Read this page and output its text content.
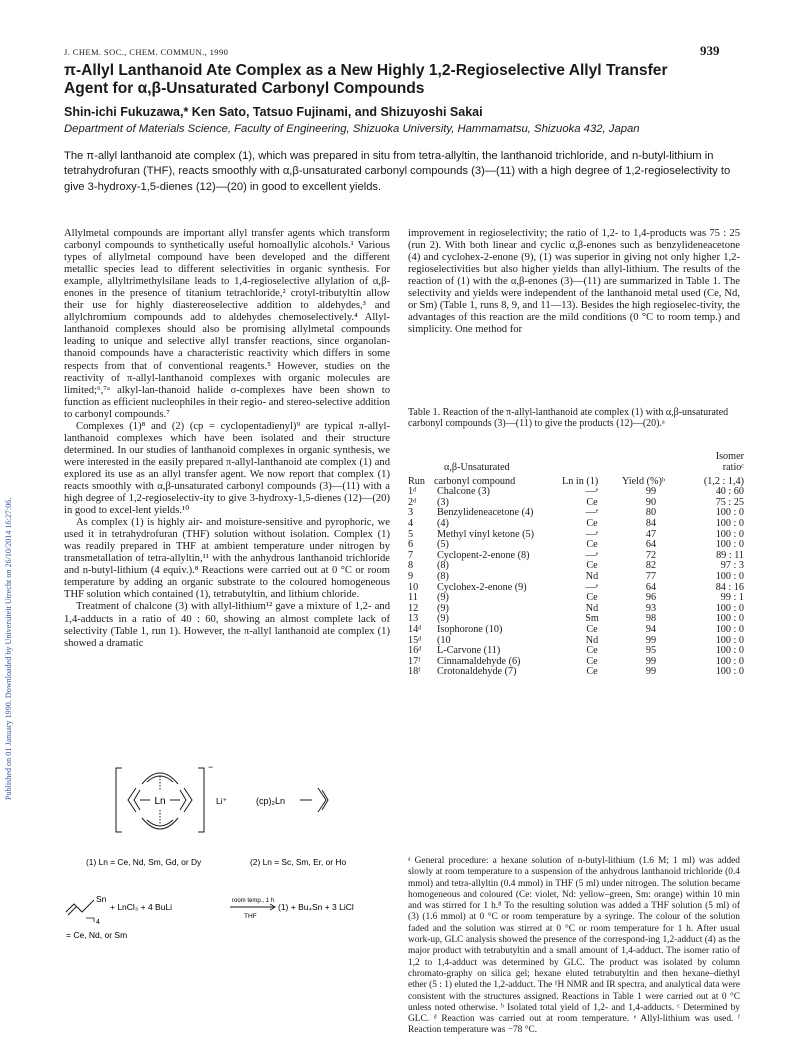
Published on 01 January 1990. Downloaded by Universiteit Utrecht on 26/10/2014 16:27:06.
J. CHEM. SOC., CHEM. COMMUN., 1990	939
π-Allyl Lanthanoid Ate Complex as a New Highly 1,2-Regioselective Allyl Transfer
Agent for α,β-Unsaturated Carbonyl Compounds
Shin-ichi Fukuzawa,* Ken Sato, Tatsuo Fujinami, and Shizuyoshi Sakai
Department of Materials Science, Faculty of Engineering, Shizuoka University, Hammamatsu, Shizuoka 432, Japan
The π-allyl lanthanoid ate complex (1), which was prepared in situ from tetra-allyltin, the lanthanoid trichloride, and n-butyl-lithium in tetrahydrofuran (THF), reacts smoothly with α,β-unsaturated carbonyl compounds (3)—(11) with a high degree of 1,2-regioselectivity to give 3-hydroxy-1,5-dienes (12)—(20) in good to excellent yields.

Allylmetal compounds are important allyl transfer agents which transform carbonyl compounds to synthetically useful homoallylic alcohols.¹ Various types of allylmetal compound have been developed and the different metallic species lead to different selectivities in organic synthesis. For example, allyltrimethylsilane leads to 1,4-regioselective allylation of α,β-enones in the presence of titanium tetrachloride,² crotyl-tributyltin allow their use for highly diastereoselective addition to aldehydes,³ and allylchromium compounds add to aldehydes chemoselectively.⁴ Allyl-lanthanoid complexes should also be promising allylmetal compounds leading to unique and selective allyl transfer reactions, since organolan-thanoid compounds have a characteristic reactivity which differs in some respects from that of conventional reagents.⁵ However, studies on the reactivity of π-allyl-lanthanoid complexes with organic molecules are limited;⁶,⁷ᵃ alkyl-lan-thanoid halide σ-complexes have been shown to function as efficient nucleophiles in their regio- and stereo-selective addition to carbonyl compounds.⁷

Complexes (1)⁸ and (2) (cp = cyclopentadienyl)⁹ are typical π-allyl-lanthanoid complexes which have been isolated and their structure determined. In our studies of lanthanoid complexes in organic synthesis, we were interested in the easily prepared π-allyl-lanthanoid ate complex (1) and explored its use as an allyl transfer agent. We now report that complex (1) reacts smoothly with α,β-unsaturated carbonyl compounds (3)—(11) with a high degree of 1,2-regioselectiv-ity to give 3-hydroxy-1,5-dienes (12)—(20) in good to excel-lent yields.¹⁰

As complex (1) is highly air- and moisture-sensitive and pyrophoric, we used it in tetrahydrofuran (THF) solution without isolation. Complex (1) was readily prepared in THF at ambient temperature under nitrogen by transmetallation of tetra-allyltin,¹¹ with the anhydrous lanthanoid trichloride and n-butyl-lithium (4 equiv.).⁸ Reactions were carried out at 0 °C or room temperature by adding an organic substrate to the coloured homogeneous THF solution which contained (1), tetrabutyltin, and lithium chloride.

Treatment of chalcone (3) with allyl-lithium¹² gave a mixture of 1,2- and 1,4-adducts in a ratio of 40 : 60, showing an almost complete lack of selectivity (Table 1, run 1). However, the π-allyl lanthanoid ate complex (1) showed a dramatic

improvement in regioselectivity; the ratio of 1,2- to 1,4-products was 75 : 25 (run 2). With both linear and cyclic α,β-enones such as benzylideneacetone (4) and cyclohex-2-enone (9), (1) was superior in giving not only higher 1,2-regioselectivities but also higher yields than allyl-lithium. The results of the reaction of (1) with the α,β-enones (3)—(11) are summarized in Table 1. The selectivity and yields were independent of the lanthanoid metal used (Ce, Nd, or Sm) (Table 1, runs 8, 9, and 11—13). Besides the high regioselec-tivity, the advantages of this reaction are the mild conditions (0 °C to room temp.) and simplicity. One method for

Table 1. Reaction of the π-allyl-lanthanoid ate complex (1) with α,β-unsaturated carbonyl compounds (3)—(11) to give the products (12)—(20).ᵃ
				Isomer
	α,β-Unsaturated			ratioᶜ
Run	carbonyl compound	Ln in (1)	Yield (%)ᵇ	(1,2 : 1,4)
1ᵈ	Chalcone (3)	—ᵉ	99	40 : 60
2ᵈ	(3)	Ce	90	75 : 25
3	Benzylideneacetone (4)	—ᵉ	80	100 : 0
4	(4)	Ce	84	100 : 0
5	Methyl vinyl ketone (5)	—ᵉ	47	100 : 0
6	(5)	Ce	64	100 : 0
7	Cyclopent-2-enone (8)	—ᵉ	72	89 : 11
8	(8)	Ce	82	97 : 3
9	(8)	Nd	77	100 : 0
10	Cyclohex-2-enone (9)	—ᵉ	64	84 : 16
11	(9)	Ce	96	99 : 1
12	(9)	Nd	93	100 : 0
13	(9)	Sm	98	100 : 0
14ᵈ	Isophorone (10)	Ce	94	100 : 0
15ᵈ	(10	Nd	99	100 : 0
16ᵈ	L-Carvone (11)	Ce	95	100 : 0
17ᶠ	Cinnamaldehyde (6)	Ce	99	100 : 0
18ᶠ	Crotonaldehyde (7)	Ce	99	100 : 0

ᵃ General procedure: a hexane solution of n-butyl-lithium (1.6 M; 1 ml) was added slowly at room temperature to a suspension of the anhydrous lanthanoid trichloride (0.4 mmol) and tetra-allyltin (0.4 mmol) in THF (5 ml) under nitrogen. The solution became homogeneous and coloured (Ce: violet, Nd: yellow–green, Sm: orange) within 10 min and was stirred for 1 h.⁸ To the resulting solution was added a THF solution (5 ml) of (3) (1.6 mmol) at 0 °C or room temperature by a syringe. The colour of the solution faded and the solution was stirred at 0 °C or room temperature for 1 h. After usual work-up, GLC analysis showed the presence of the correspond-ing 1,2-adduct (4) as the major product with tetrabutyltin and a small amount of 1,4-adduct. The isomer ratio of 1,2 to 1,4-adduct was determined by GLC. The product was isolated by column chromato-graphy on silica gel; hexane eluted tetrabutyltin and then hexane–diethyl ether (5 : 1) eluted the 1,2-adduct. The ¹H NMR and IR spectra, and analytical data were consistent with the structures assigned. Reactions in Table 1 were carried out at 0 °C unless noted otherwise. ᵇ Isolated total yield of 1,2- and 1,4-adducts. ᶜ Determined by GLC. ᵈ Reaction was carried out at room temperature. ᵉ Allyl-lithium was used. ᶠ Reaction temperature was −78 °C.

Ln
−
Li⁺	(cp)₂Ln
(1) Ln = Ce, Nd, Sm, Gd, or Dy	(2) Ln = Sc, Sm, Er, or Ho
Sn
4
+ LnCl₃ + 4 BuLi
room temp., 1 h
THF
(1) + Bu₄Sn + 3 LiCl
= Ce, Nd, or Sm
